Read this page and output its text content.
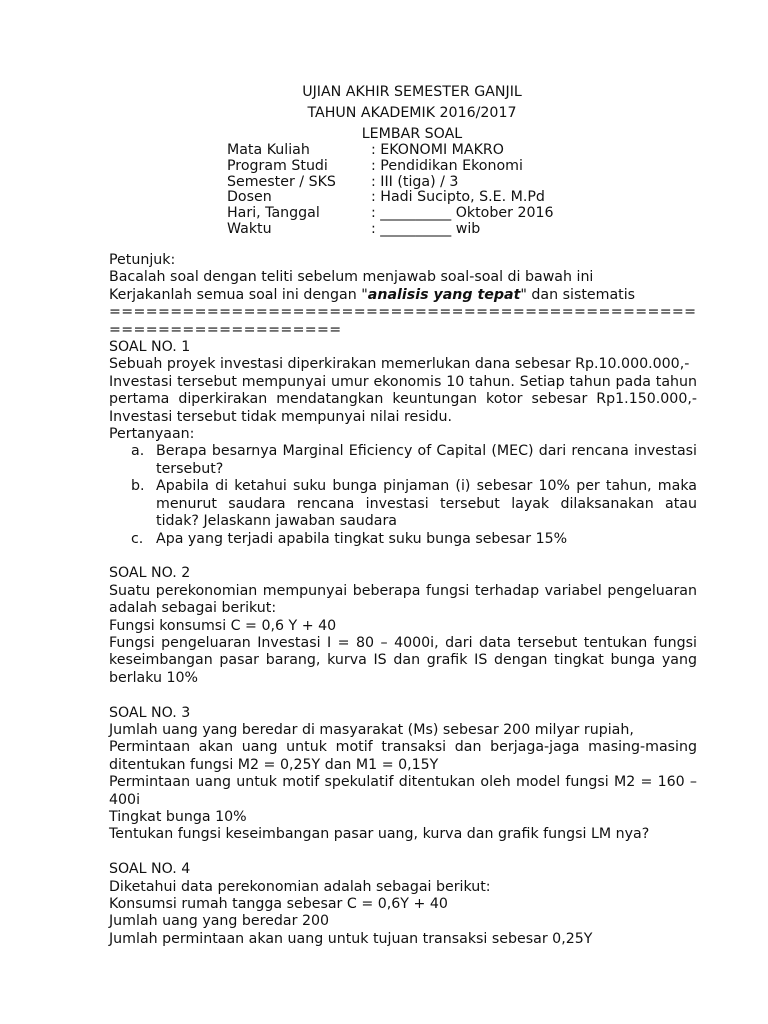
UJIAN AKHIR SEMESTER GANJIL
TAHUN AKADEMIK 2016/2017
LEMBAR SOAL
Mata Kuliah	: EKONOMI MAKRO
Program Studi	: Pendidikan Ekonomi
Semester / SKS	: III (tiga) / 3
Dosen	: Hadi Sucipto, S.E. M.Pd
Hari, Tanggal	: __________ Oktober 2016
Waktu	: __________ wib
Petunjuk:
Bacalah soal dengan teliti sebelum menjawab soal-soal di bawah ini
Kerjakanlah semua soal ini dengan "analisis yang tepat" dan sistematis
================================================
===================
SOAL NO. 1
Sebuah proyek investasi diperkirakan memerlukan dana sebesar Rp.10.000.000,-
Investasi tersebut mempunyai umur ekonomis 10 tahun. Setiap tahun pada tahun
pertama diperkirakan mendatangkan keuntungan kotor sebesar Rp1.150.000,-
Investasi tersebut tidak mempunyai nilai residu.
Pertanyaan:
a. Berapa besarnya Marginal Eficiency of Capital (MEC) dari rencana investasi
tersebut?
b. Apabila di ketahui suku bunga pinjaman (i) sebesar 10% per tahun, maka
menurut saudara rencana investasi tersebut layak dilaksanakan atau
tidak? Jelaskann jawaban saudara
c. Apa yang terjadi apabila tingkat suku bunga sebesar 15%
SOAL NO. 2
Suatu perekonomian mempunyai beberapa fungsi terhadap variabel pengeluaran
adalah sebagai berikut:
Fungsi konsumsi C = 0,6 Y + 40
Fungsi pengeluaran Investasi I = 80 – 4000i, dari data tersebut tentukan fungsi
keseimbangan pasar barang, kurva IS dan grafik IS dengan tingkat bunga yang
berlaku 10%
SOAL NO. 3
Jumlah uang yang beredar di masyarakat (Ms) sebesar 200 milyar rupiah,
Permintaan akan uang untuk motif transaksi dan berjaga-jaga masing-masing
ditentukan fungsi M2 = 0,25Y dan M1 = 0,15Y
Permintaan uang untuk motif spekulatif ditentukan oleh model fungsi M2 = 160 –
400i
Tingkat bunga 10%
Tentukan fungsi keseimbangan pasar uang, kurva dan grafik fungsi LM nya?
SOAL NO. 4
Diketahui data perekonomian adalah sebagai berikut:
Konsumsi rumah tangga sebesar C = 0,6Y + 40
Jumlah uang yang beredar 200
Jumlah permintaan akan uang untuk tujuan transaksi sebesar 0,25Y
